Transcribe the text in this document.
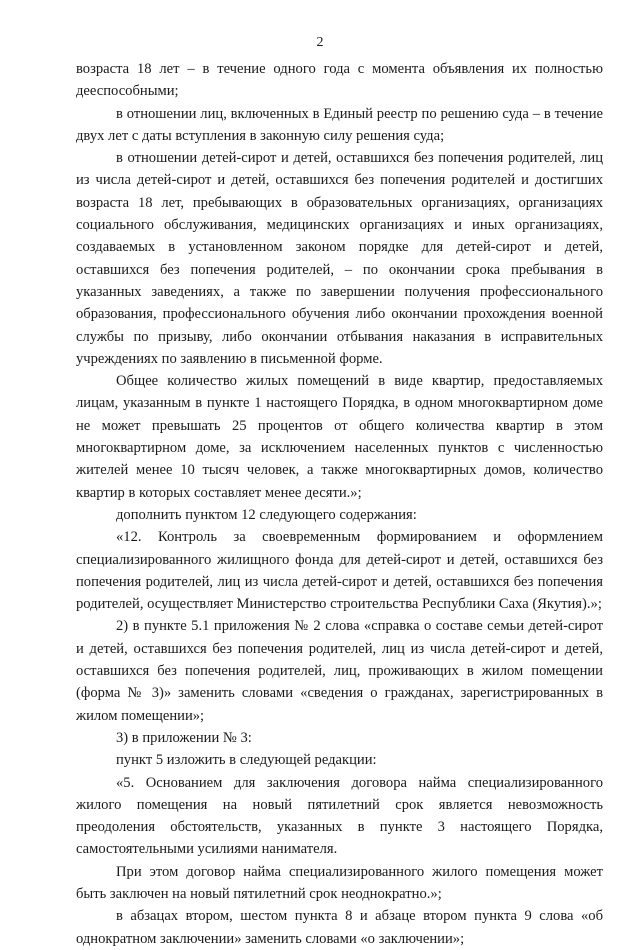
2

возраста 18 лет – в течение одного года с момента объявления их полностью дееспособными;

в отношении лиц, включенных в Единый реестр по решению суда – в течение двух лет с даты вступления в законную силу решения суда;

в отношении детей-сирот и детей, оставшихся без попечения родителей, лиц из числа детей-сирот и детей, оставшихся без попечения родителей и достигших возраста 18 лет, пребывающих в образовательных организациях, организациях социального обслуживания, медицинских организациях и иных организациях, создаваемых в установленном законом порядке для детей-сирот и детей, оставшихся без попечения родителей, – по окончании срока пребывания в указанных заведениях, а также по завершении получения профессионального образования, профессионального обучения либо окончании прохождения военной службы по призыву, либо окончании отбывания наказания в исправительных учреждениях по заявлению в письменной форме.

Общее количество жилых помещений в виде квартир, предоставляемых лицам, указанным в пункте 1 настоящего Порядка, в одном многоквартирном доме не может превышать 25 процентов от общего количества квартир в этом многоквартирном доме, за исключением населенных пунктов с численностью жителей менее 10 тысяч человек, а также многоквартирных домов, количество квартир в которых составляет менее десяти.»;

дополнить пунктом 12 следующего содержания:

«12. Контроль за своевременным формированием и оформлением специализированного жилищного фонда для детей-сирот и детей, оставшихся без попечения родителей, лиц из числа детей-сирот и детей, оставшихся без попечения родителей, осуществляет Министерство строительства Республики Саха (Якутия).»;

2) в пункте 5.1 приложения № 2 слова «справка о составе семьи детей-сирот и детей, оставшихся без попечения родителей, лиц из числа детей-сирот и детей, оставшихся без попечения родителей, лиц, проживающих в жилом помещении (форма № 3)» заменить словами «сведения о гражданах, зарегистрированных в жилом помещении»;

3) в приложении № 3:

пункт 5 изложить в следующей редакции:

«5. Основанием для заключения договора найма специализированного жилого помещения на новый пятилетний срок является невозможность преодоления обстоятельств, указанных в пункте 3 настоящего Порядка, самостоятельными усилиями нанимателя.

При этом договор найма специализированного жилого помещения может быть заключен на новый пятилетний срок неоднократно.»;

в абзацах втором, шестом пункта 8 и абзаце втором пункта 9 слова «об однократном заключении» заменить словами «о заключении»;
